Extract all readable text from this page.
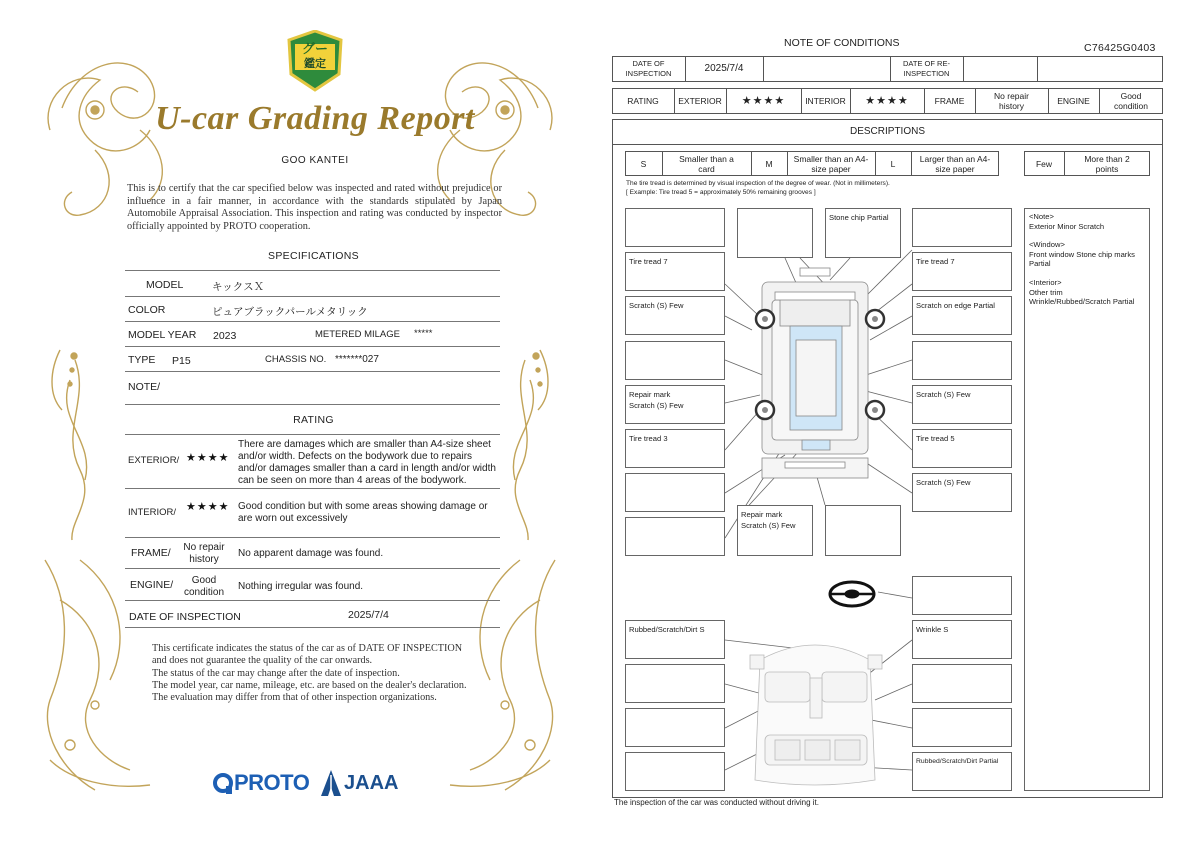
グー
鑑定
U-car Grading Report
GOO KANTEI
This is to certify that the car specified below was inspected and rated without prejudice or influence in a fair manner, in accordance with the standards stipulated by Japan Automobile Appraisal Association. This inspection and rating was conducted by inspector officially appointed by PROTO cooperation.
SPECIFICATIONS
MODEL	キックスＸ
COLOR	ピュアブラックパールメタリック
MODEL YEAR 2023	METERED MILAGE *****
TYPE P15	CHASSIS NO. *******027
NOTE/
RATING
EXTERIOR/ ★★★★
There are damages which are smaller than A4-size sheet and/or width. Defects on the bodywork due to repairs and/or damages smaller than a card in length and/or width can be seen on more than 4 areas of the bodywork.
INTERIOR/ ★★★★ Good condition but with some areas showing damage or are worn out excessively
FRAME/	No repair history
No apparent damage was found.
ENGINE/	Good condition
Nothing irregular was found.
DATE OF INSPECTION	2025/7/4
This certificate indicates the status of the car as of DATE OF INSPECTION and does not guarantee the quality of the car onwards.
The status of the car may change after the date of inspection.
The model year, car name, mileage, etc. are based on the dealer's declaration.
The evaluation may differ from that of other inspection organizations.
PROTO JAAA
NOTE OF CONDITIONS	C76425G0403
DATE OF INSPECTION	2025/7/4	DATE OF RE-INSPECTION
RATING	EXTERIOR	★★★★	INTERIOR	★★★★	FRAME	No repair history	ENGINE	Good condition
DESCRIPTIONS
S	Smaller than a card	M	Smaller than an A4-size paper	L	Larger than an A4-size paper	Few	More than 2 points
The tire tread is determined by visual inspection of the degree of wear. (Not in millimeters).
[ Example: Tire tread 5 = approximately 50% remaining grooves ]
Tire tread 7
Scratch (S) Few
Repair mark
Scratch (S) Few
Tire tread 3
Rubbed/Scratch/Dirt S
Stone chip Partial
Tire tread 7
Scratch on edge Partial
Scratch (S) Few
Tire tread 5
Scratch (S) Few
Wrinkle S
Rubbed/Scratch/Dirt Partial
Repair mark
Scratch (S) Few
<Note>
Exterior Minor Scratch
<Window>
Front window Stone chip marks Partial
<Interior>
Other trim Wrinkle/Rubbed/Scratch Partial
The inspection of the car was conducted without driving it.
